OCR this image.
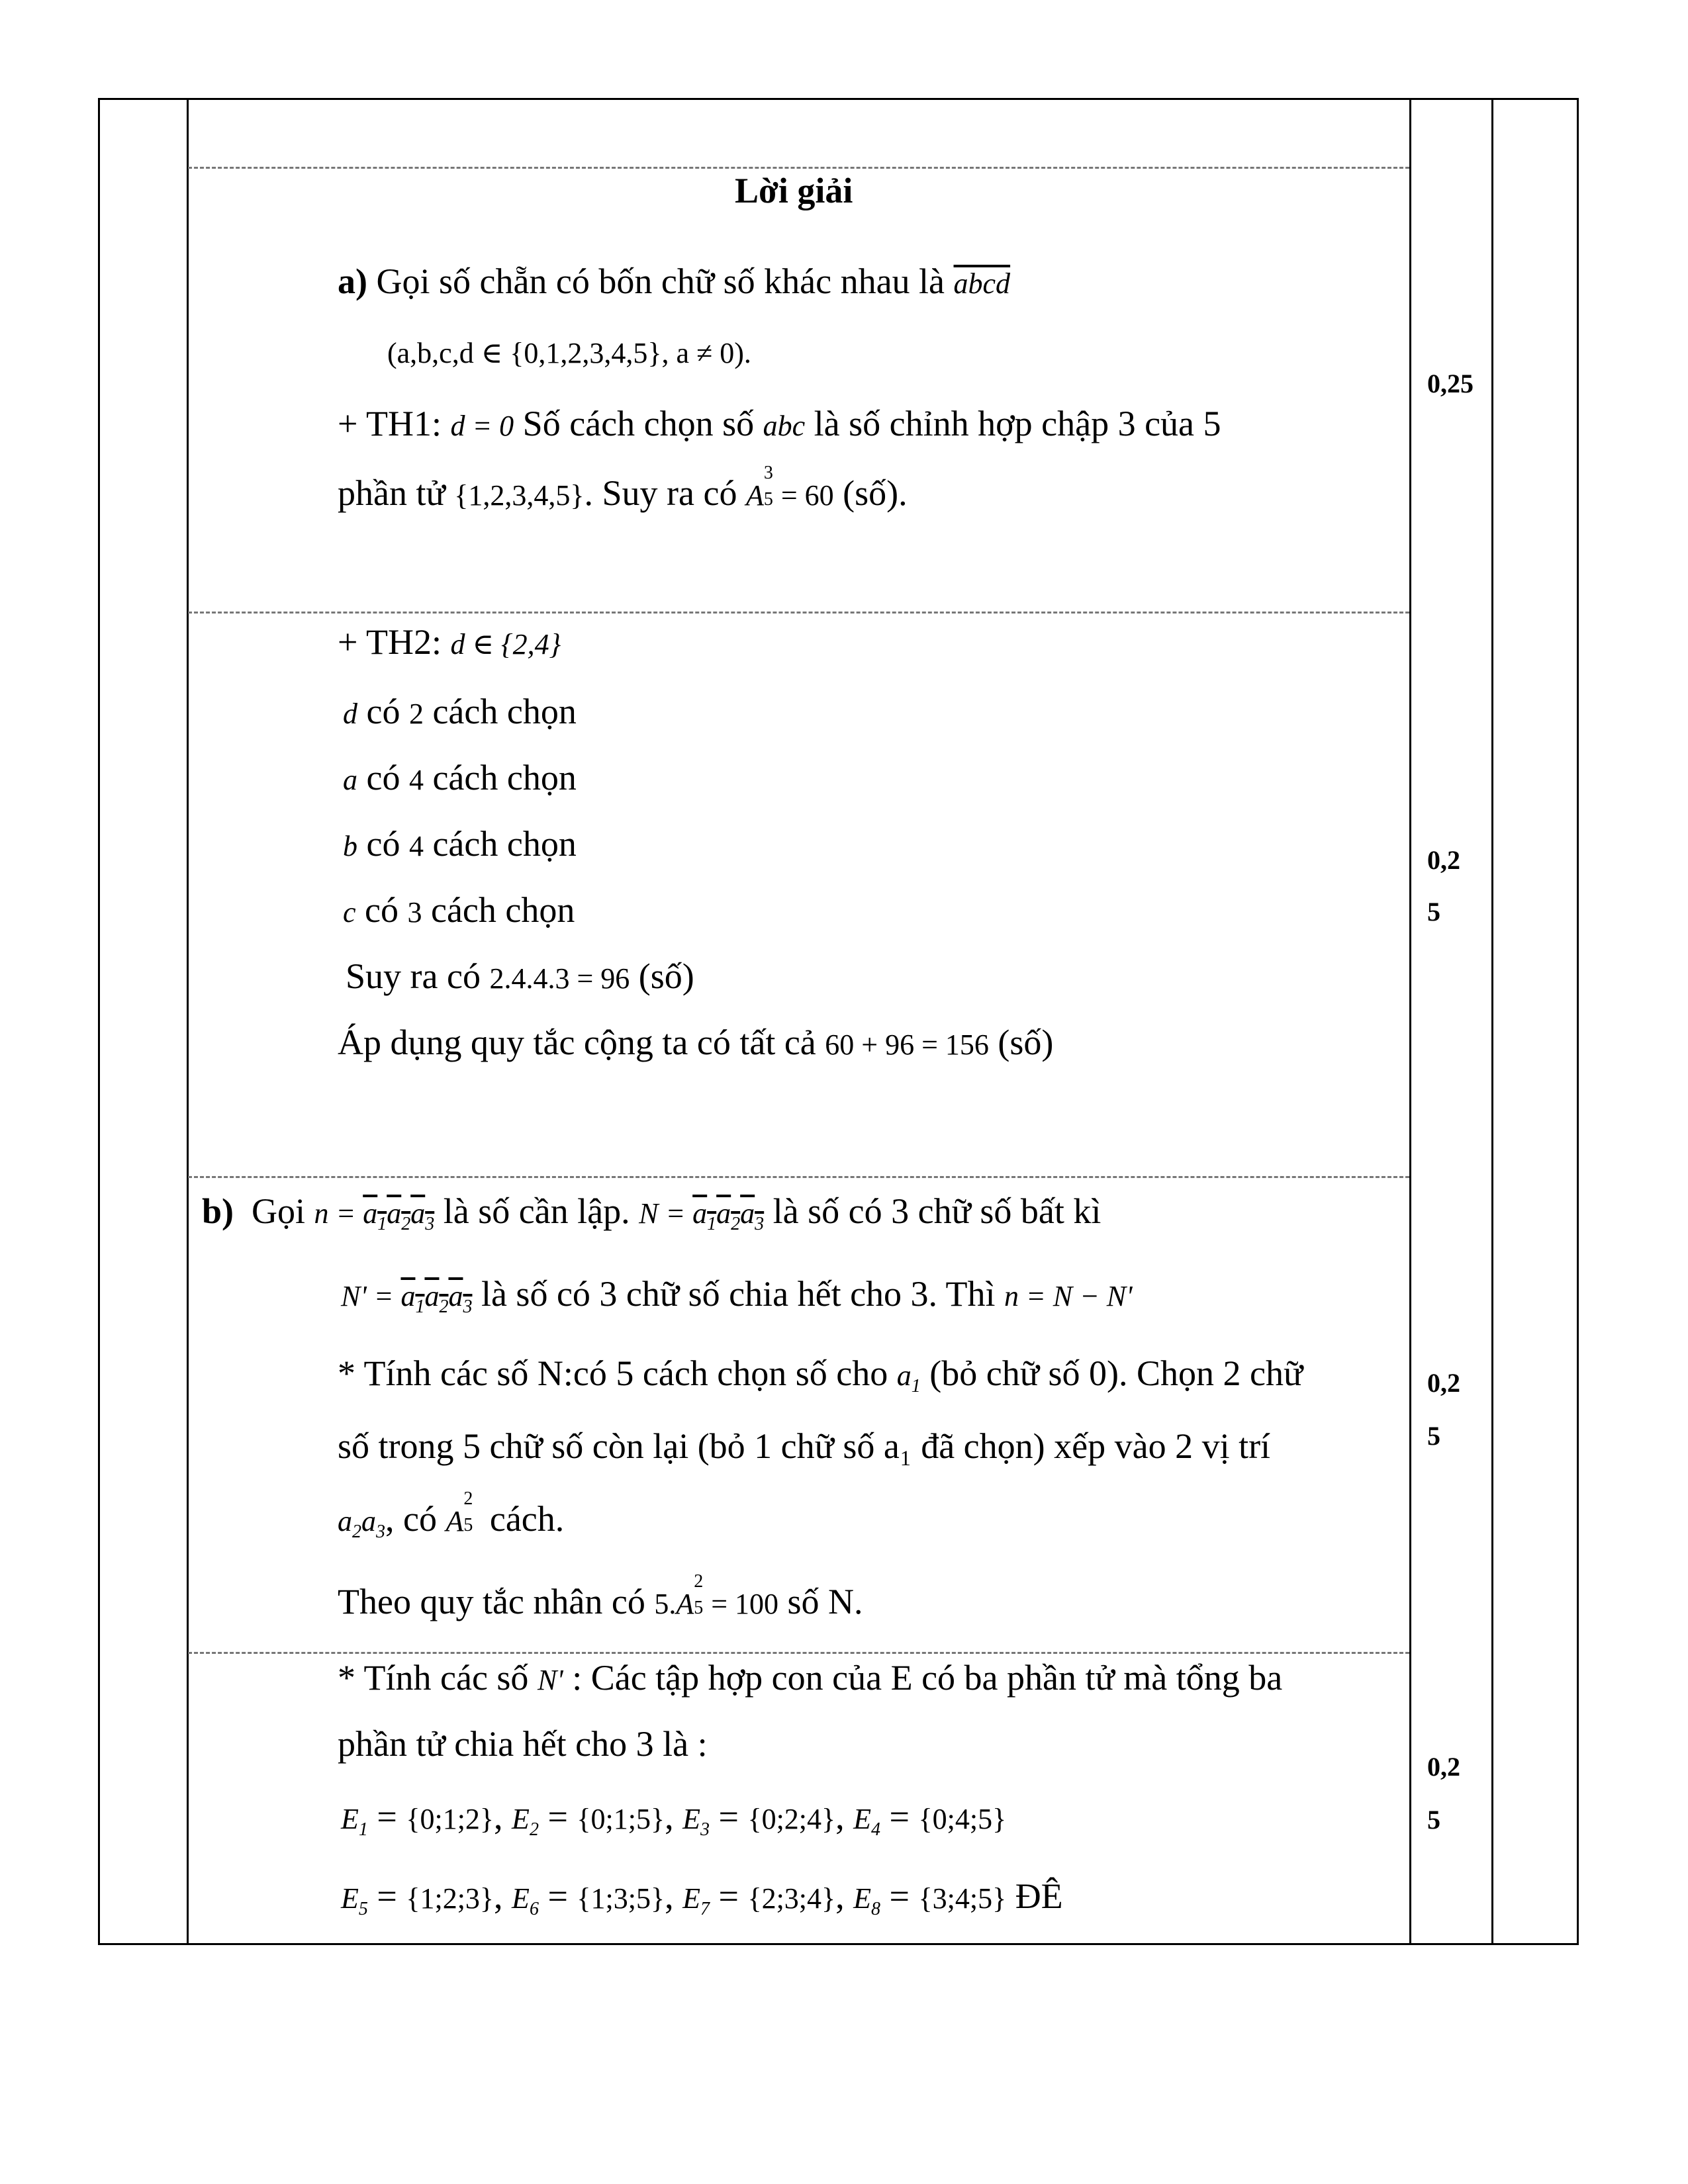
Lời giải
a) Gọi số chẵn có bốn chữ số khác nhau là abcd
(a,b,c,d ∈ {0,1,2,3,4,5}, a ≠ 0).
+ TH1: d = 0 Số cách chọn số abc là số chỉnh hợp chập 3 của 5
phần tử {1,2,3,4,5}. Suy ra có A
3
5 = 60 (số).
+ TH2: d ∈ {2,4}
d có 2 cách chọn
a có 4 cách chọn
b có 4 cách chọn
c có 3 cách chọn
Suy ra có 2.4.4.3 = 96 (số)
Áp dụng quy tắc cộng ta có tất cả 60 + 96 = 156 (số)
b) Gọi $n = a_1a_2a_3$ là số cần lập. $N = a_1a_2a_3$ là số có 3 chữ số bất kì
$N' = a_1a_2a_3$ là số có 3 chữ số chia hết cho 3. Thì n = N − N'
* Tính các số N:có 5 cách chọn số cho $a_1$ (bỏ chữ số 0). Chọn 2 chữ
số trong 5 chữ số còn lại (bỏ 1 chữ số a₁ đã chọn) xếp vào 2 vị trí
$a_2a_3$, có A
2
5 cách.
Theo quy tắc nhân có 5.A
2
5 = 100 số N.
* Tính các số N' : Các tập hợp con của E có ba phần tử mà tổng ba
phần tử chia hết cho 3 là :
$E_1$ = {0;1;2}, $E_2$ = {0;1;5}, $E_3$ = {0;2;4}, $E_4$ = {0;4;5}
$E_5$ = {1;2;3}, $E_6$ = {1;3;5}, $E_7$ = {2;3;4}, $E_8$ = {3;4;5} ĐÊ
0,25
0,2
5
0,2
5
0,2
5
